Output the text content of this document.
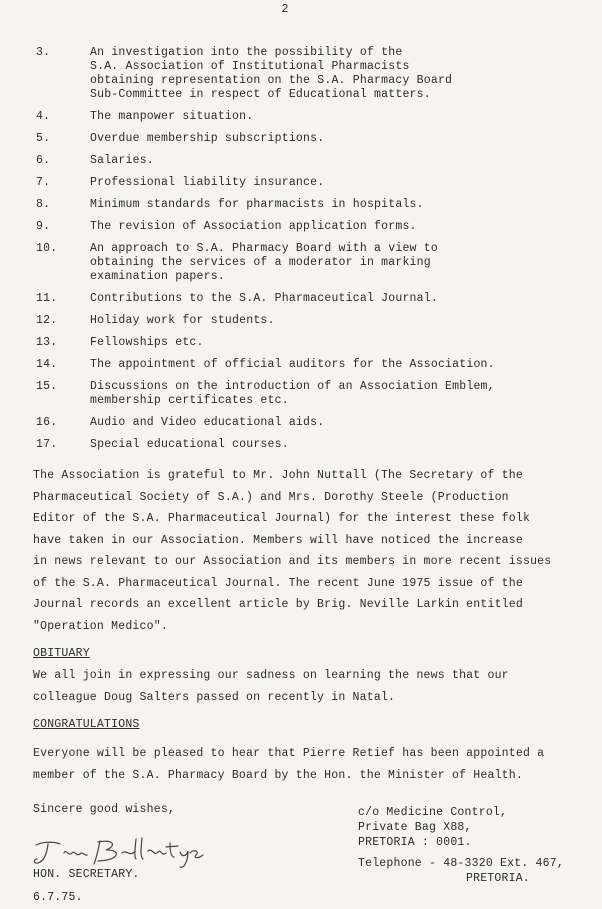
2
3.	An investigation into the possibility of the
S.A. Association of Institutional Pharmacists
obtaining representation on the S.A. Pharmacy Board
Sub-Committee in respect of Educational matters.
4.	The manpower situation.
5.	Overdue membership subscriptions.
6.	Salaries.
7.	Professional liability insurance.
8.	Minimum standards for pharmacists in hospitals.
9.	The revision of Association application forms.
10.	An approach to S.A. Pharmacy Board with a view to
obtaining the services of a moderator in marking
examination papers.
11.	Contributions to the S.A. Pharmaceutical Journal.
12.	Holiday work for students.
13.	Fellowships etc.
14.	The appointment of official auditors for the Association.
15.	Discussions on the introduction of an Association Emblem,
membership certificates etc.
16.	Audio and Video educational aids.
17.	Special educational courses.
The Association is grateful to Mr. John Nuttall (The Secretary of the
Pharmaceutical Society of S.A.) and Mrs. Dorothy Steele (Production
Editor of the S.A. Pharmaceutical Journal) for the interest these folk
have taken in our Association. Members will have noticed the increase
in news relevant to our Association and its members in more recent issues
of the S.A. Pharmaceutical Journal. The recent June 1975 issue of the
Journal records an excellent article by Brig. Neville Larkin entitled
"Operation Medico".
OBITUARY
We all join in expressing our sadness on learning the news that our
colleague Doug Salters passed on recently in Natal.
CONGRATULATIONS
Everyone will be pleased to hear that Pierre Retief has been appointed a
member of the S.A. Pharmacy Board by the Hon. the Minister of Health.
Sincere good wishes,
HON. SECRETARY.
6.7.75.
c/o Medicine Control,
Private Bag X88,
PRETORIA : 0001.
Telephone - 48-3320 Ext. 467,
PRETORIA.
